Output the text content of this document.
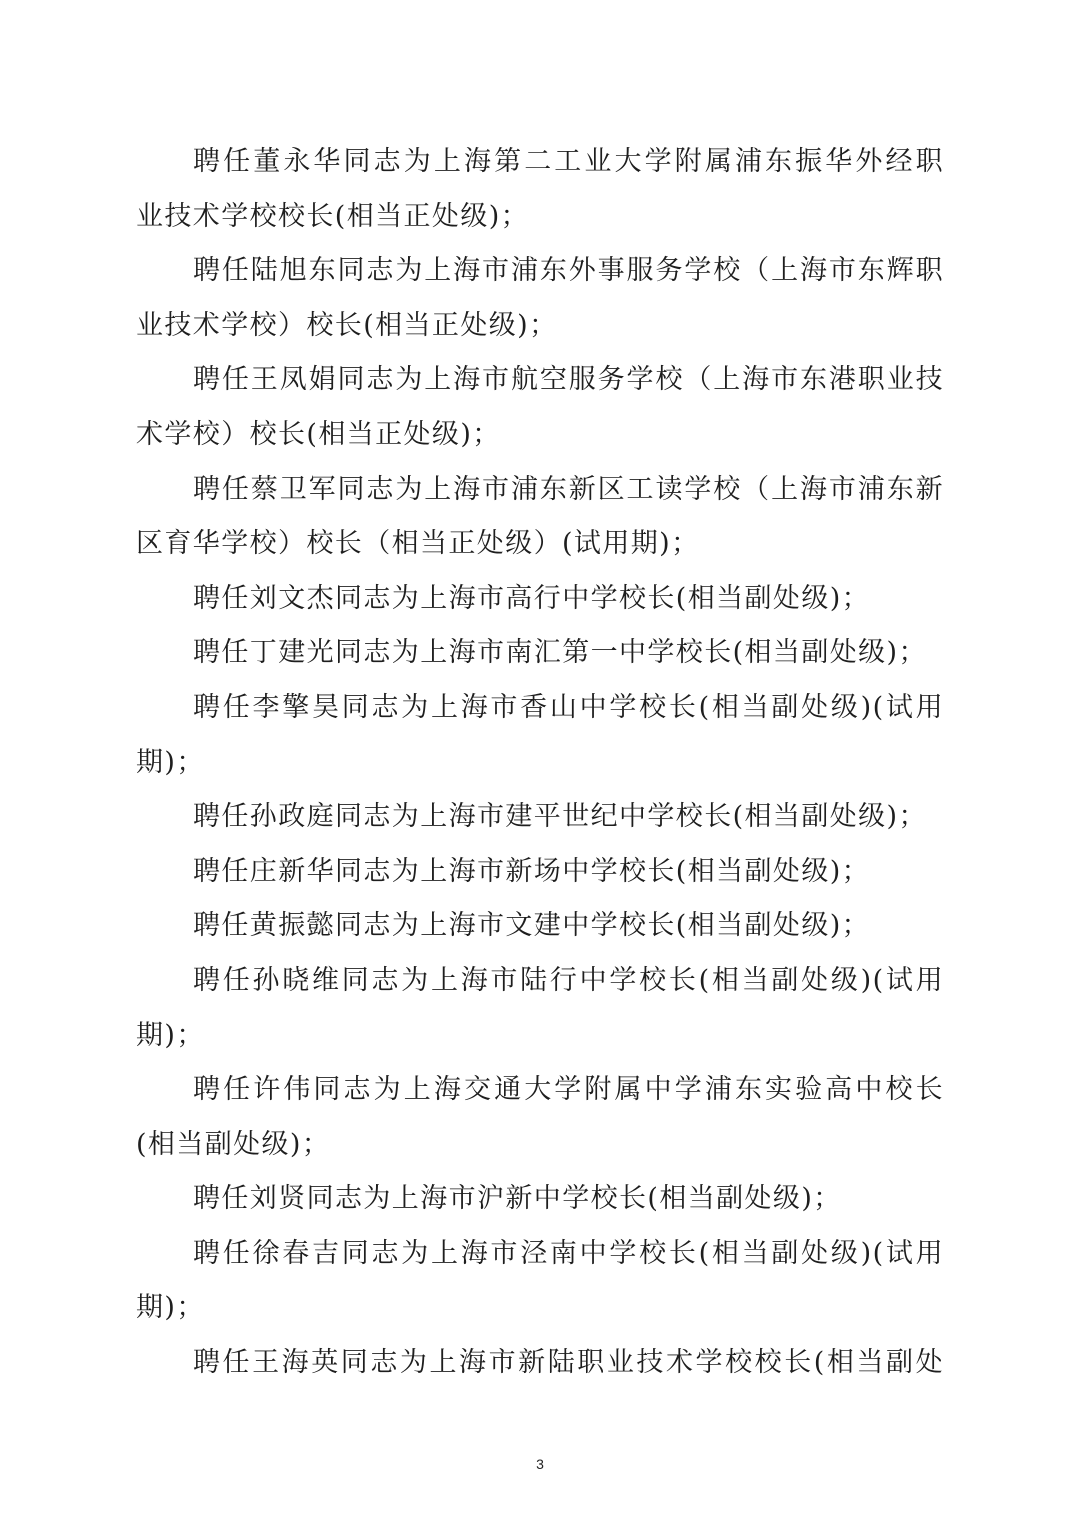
聘任董永华同志为上海第二工业大学附属浦东振华外经职
业技术学校校长(相当正处级)；
聘任陆旭东同志为上海市浦东外事服务学校（上海市东辉职
业技术学校）校长(相当正处级)；
聘任王凤娟同志为上海市航空服务学校（上海市东港职业技
术学校）校长(相当正处级)；
聘任蔡卫军同志为上海市浦东新区工读学校（上海市浦东新
区育华学校）校长（相当正处级）(试用期)；
聘任刘文杰同志为上海市高行中学校长(相当副处级)；
聘任丁建光同志为上海市南汇第一中学校长(相当副处级)；
聘任李擎昊同志为上海市香山中学校长(相当副处级)(试用
期)；
聘任孙政庭同志为上海市建平世纪中学校长(相当副处级)；
聘任庄新华同志为上海市新场中学校长(相当副处级)；
聘任黄振懿同志为上海市文建中学校长(相当副处级)；
聘任孙晓维同志为上海市陆行中学校长(相当副处级)(试用
期)；
聘任许伟同志为上海交通大学附属中学浦东实验高中校长
(相当副处级)；
聘任刘贤同志为上海市沪新中学校长(相当副处级)；
聘任徐春吉同志为上海市泾南中学校长(相当副处级)(试用
期)；
聘任王海英同志为上海市新陆职业技术学校校长(相当副处
3
